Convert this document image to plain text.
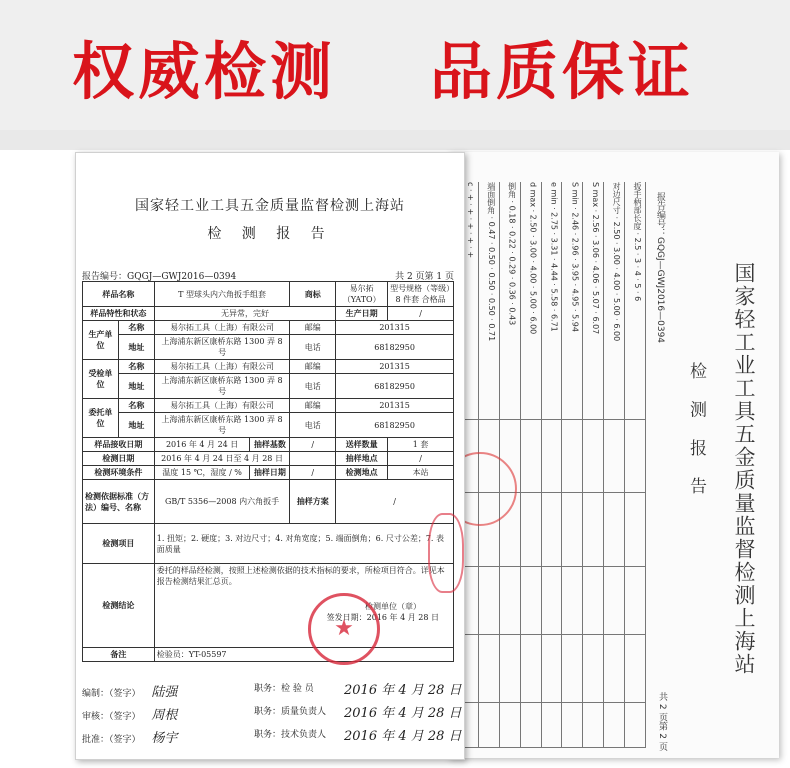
权威检测 品质保证
国家轻工业工具五金质量监督检测上海站
检 测 报 告
报告编号：GQGJ—GWJ2016—0394
共 2 页第 2 页
扳手柄部长度 · 2.5 · 3 · 4 · 5 · 6
对边尺寸 · 2.50 · 3.00 · 4.00 · 5.00 · 6.00
S max · 2.56 · 3.06 · 4.06 · 5.07 · 6.07
S min · 2.46 · 2.96 · 3.95 · 4.95 · 5.94
e min · 2.75 · 3.31 · 4.44 · 5.58 · 6.71
d max · 2.50 · 3.00 · 4.00 · 5.00 · 6.00
倒角 · 0.18 · 0.22 · 0.29 · 0.36 · 0.43
端面倒角 · 0.47 · 0.50 · 0.50 · 0.50 · 0.71
c · + · + · + · + · +
国家轻工业工具五金质量监督检测上海站
检 测 报 告
报告编号：GQGJ—GWJ2016—0394	共 2 页第 1 页
样品名称		T 型球头内六角扳手组套		商标	易尔拓（YATO）	型号规格（等级）
8 件套 合格品

样品特性和状态		无异常，完好			生产日期	/
生产单位	名称	易尔拓工具（上海）有限公司		邮编	201315	
	地址	上海浦东新区康桥东路 1300 弄 8 号		电话	68182950	
受检单位	名称	易尔拓工具（上海）有限公司		邮编	201315	
	地址	上海浦东新区康桥东路 1300 弄 8 号		电话	68182950	
委托单位	名称	易尔拓工具（上海）有限公司		邮编	201315	
	地址	上海浦东新区康桥东路 1300 弄 8 号		电话	68182950	
样品接收日期		2016 年 4 月 24 日	抽样基数	/	送样数量	1 套
检测日期		2016 年 4 月 24 日至 4 月 28 日			抽样地点	/
检测环境条件		温度 15 ℃，湿度 / %	抽样日期	/	检测地点	本站
检测依据标准（方法）编号、名称		GB/T 5356—2008 内六角扳手		抽样方案	/	
检测项目		1. 扭矩；2. 硬度；3. 对边尺寸；4. 对角宽度；5. 端面倒角；6. 尺寸公差；7. 表面质量				
检测结论		委托的样品经检测，按照上述检测依据的技术指标的要求，所检项目符合。详见本报告检测结果汇总页。
检测单位（章）
签发日期：2016 年 4 月 28 日				

备注		检验员：YT-05597				
★
编制：（签字） 陆强	职务：检 验 员 2016 年 4 月 28 日
审核：（签字） 周根	职务：质量负责人 2016 年 4 月 28 日
批准：（签字） 杨宇	职务：技术负责人 2016 年 4 月 28 日
